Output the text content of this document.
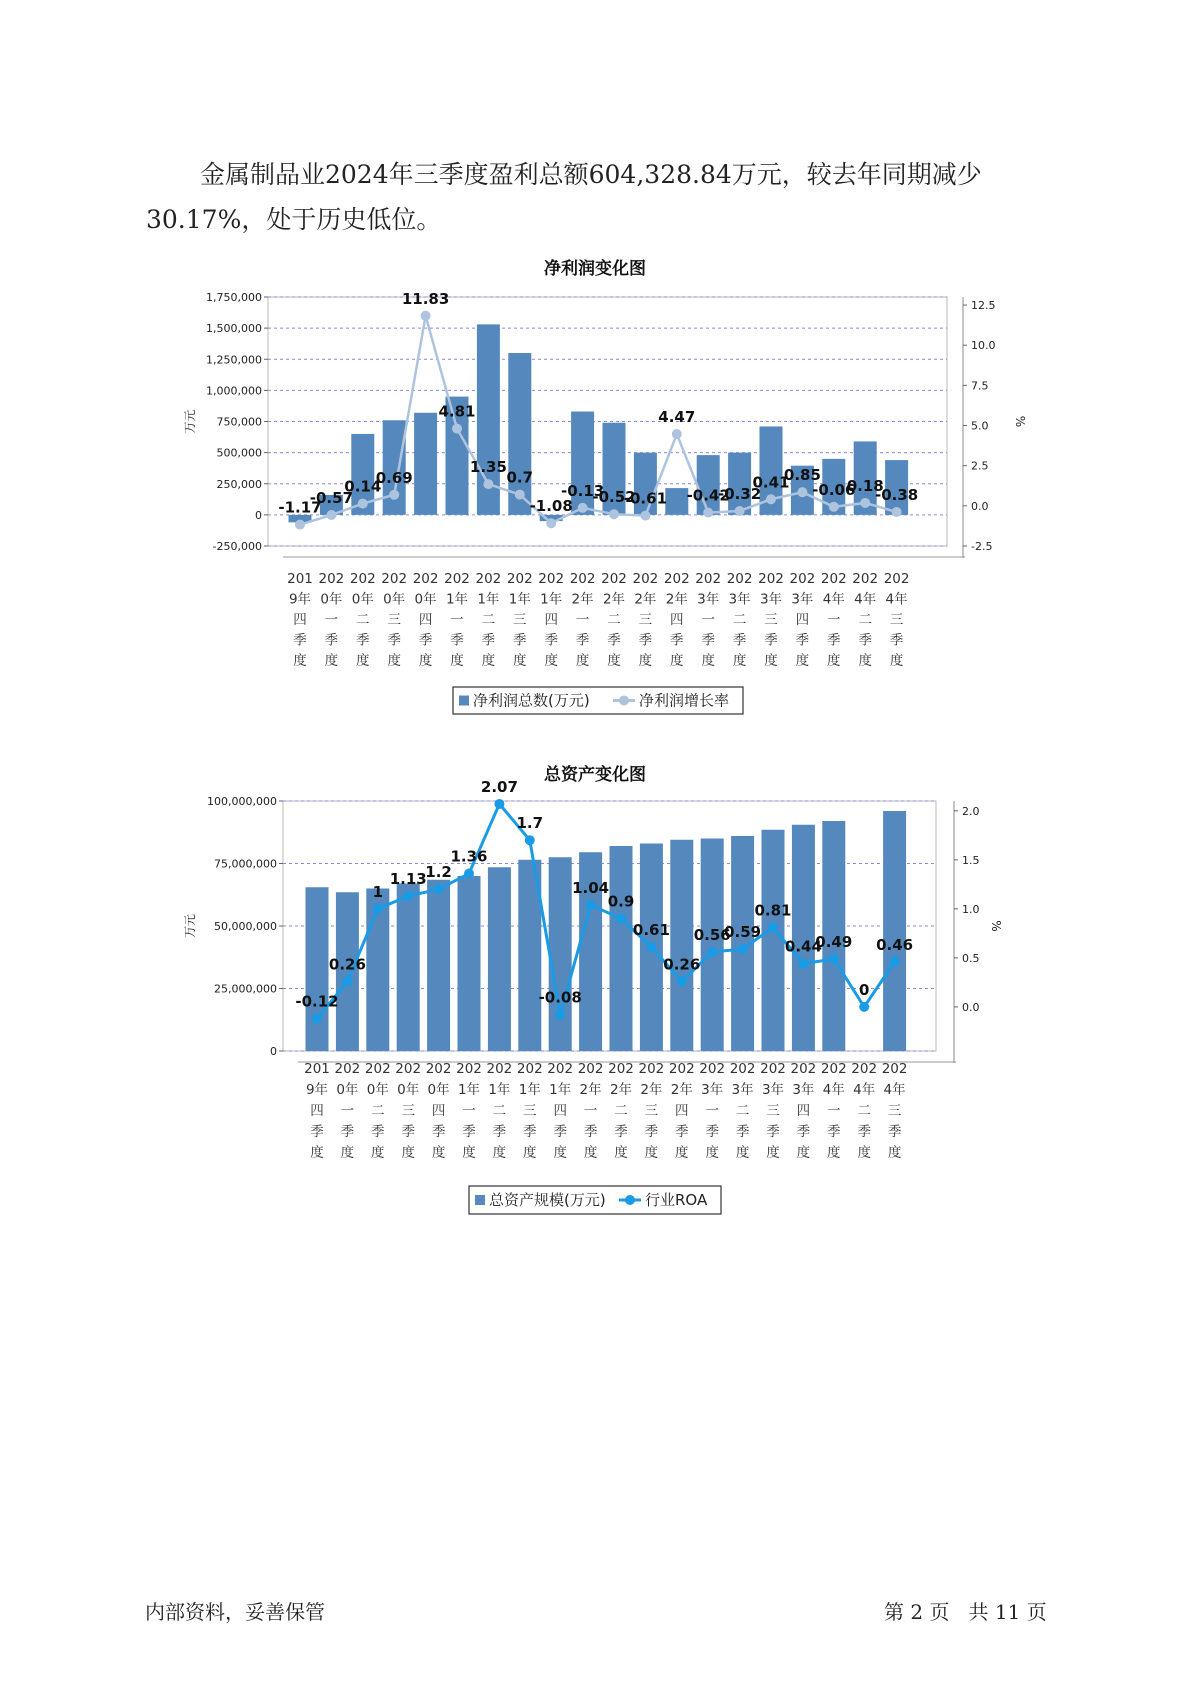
金属制品业2024年三季度盈利总额604,328.84万元，较去年同期减少
30.17%，处于历史低位。
净利润变化图
-250,000
0
250,000
500,000
750,000
1,000,000
1,250,000
1,500,000
1,750,000
-2.5
0.0
2.5
5.0
7.5
10.0
12.5
万元	%
-1.17
-0.57
0.14
0.69
11.83
4.81
1.35
0.7
-1.08
-0.13
-0.52
-0.61
4.47
-0.42
-0.32
0.41
0.85
-0.06
0.18
-0.38
201
9年
四
季
度
202
0年
一
季
度
202
0年
二
季
度
202
0年
三
季
度
202
0年
四
季
度
202
1年
一
季
度
202
1年
二
季
度
202
1年
三
季
度
202
1年
四
季
度
202
2年
一
季
度
202
2年
二
季
度
202
2年
三
季
度
202
2年
四
季
度
202
3年
一
季
度
202
3年
二
季
度
202
3年
三
季
度
202
3年
四
季
度
202
4年
一
季
度
202
4年
二
季
度
202
4年
三
季
度
净利润总数(万元)	净利润增长率
总资产变化图
0
25,000,000
50,000,000
75,000,000
100,000,000
0.0
0.5
1.0
1.5
2.0
万元	%
-0.12
0.26
1
1.13
1.2
1.36
2.07
1.7
-0.08
1.04
0.9
0.61
0.26
0.56
0.59
0.81
0.44
0.49
0
0.46
201
9年
四
季
度
202
0年
一
季
度
202
0年
二
季
度
202
0年
三
季
度
202
0年
四
季
度
202
1年
一
季
度
202
1年
二
季
度
202
1年
三
季
度
202
1年
四
季
度
202
2年
一
季
度
202
2年
二
季
度
202
2年
三
季
度
202
2年
四
季
度
202
3年
一
季
度
202
3年
二
季
度
202
3年
三
季
度
202
3年
四
季
度
202
4年
一
季
度
202
4年
二
季
度
202
4年
三
季
度
总资产规模(万元)	行业ROA
内部资料，妥善保管	第 2 页 共 11 页
